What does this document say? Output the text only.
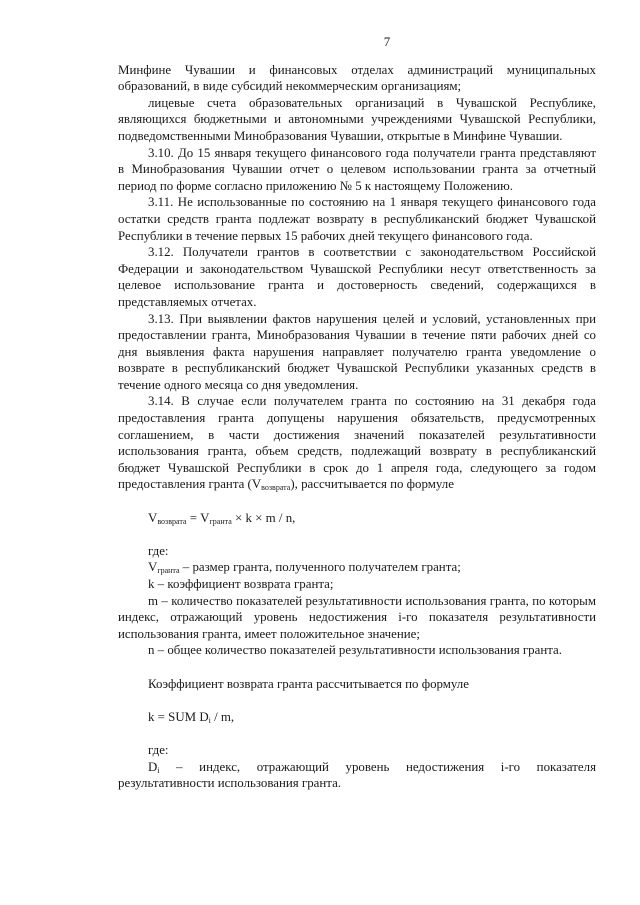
7

Минфине Чувашии и финансовых отделах администраций муниципальных образований, в виде субсидий некоммерческим организациям;

лицевые счета образовательных организаций в Чувашской Республике, являющихся бюджетными и автономными учреждениями Чувашской Республики, подведомственными Минобразования Чувашии, открытые в Минфине Чувашии.

3.10. До 15 января текущего финансового года получатели гранта представляют в Минобразования Чувашии отчет о целевом использовании гранта за отчетный период по форме согласно приложению № 5 к настоящему Положению.

3.11. Не использованные по состоянию на 1 января текущего финансового года остатки средств гранта подлежат возврату в республиканский бюджет Чувашской Республики в течение первых 15 рабочих дней текущего финансового года.

3.12. Получатели грантов в соответствии с законодательством Российской Федерации и законодательством Чувашской Республики несут ответственность за целевое использование гранта и достоверность сведений, содержащихся в представляемых отчетах.

3.13. При выявлении фактов нарушения целей и условий, установленных при предоставлении гранта, Минобразования Чувашии в течение пяти рабочих дней со дня выявления факта нарушения направляет получателю гранта уведомление о возврате в республиканский бюджет Чувашской Республики указанных средств в течение одного месяца со дня уведомления.

3.14. В случае если получателем гранта по состоянию на 31 декабря года предоставления гранта допущены нарушения обязательств, предусмотренных соглашением, в части достижения значений показателей результативности использования гранта, объем средств, подлежащий возврату в республиканский бюджет Чувашской Республики в срок до 1 апреля года, следующего за годом предоставления гранта $(V_{возврата})$, рассчитывается по формуле

$V_{возврата} = V_{гранта} \times k \times m / n$,

где:

$V_{гранта}$ – размер гранта, полученного получателем гранта;

k – коэффициент возврата гранта;

m – количество показателей результативности использования гранта, по которым индекс, отражающий уровень недостижения i-го показателя результативности использования гранта, имеет положительное значение;

n – общее количество показателей результативности использования гранта.

Коэффициент возврата гранта рассчитывается по формуле

k = SUM $D_i$ / m,

где:

$D_i$ – индекс, отражающий уровень недостижения i-го показателя результативности использования гранта.
